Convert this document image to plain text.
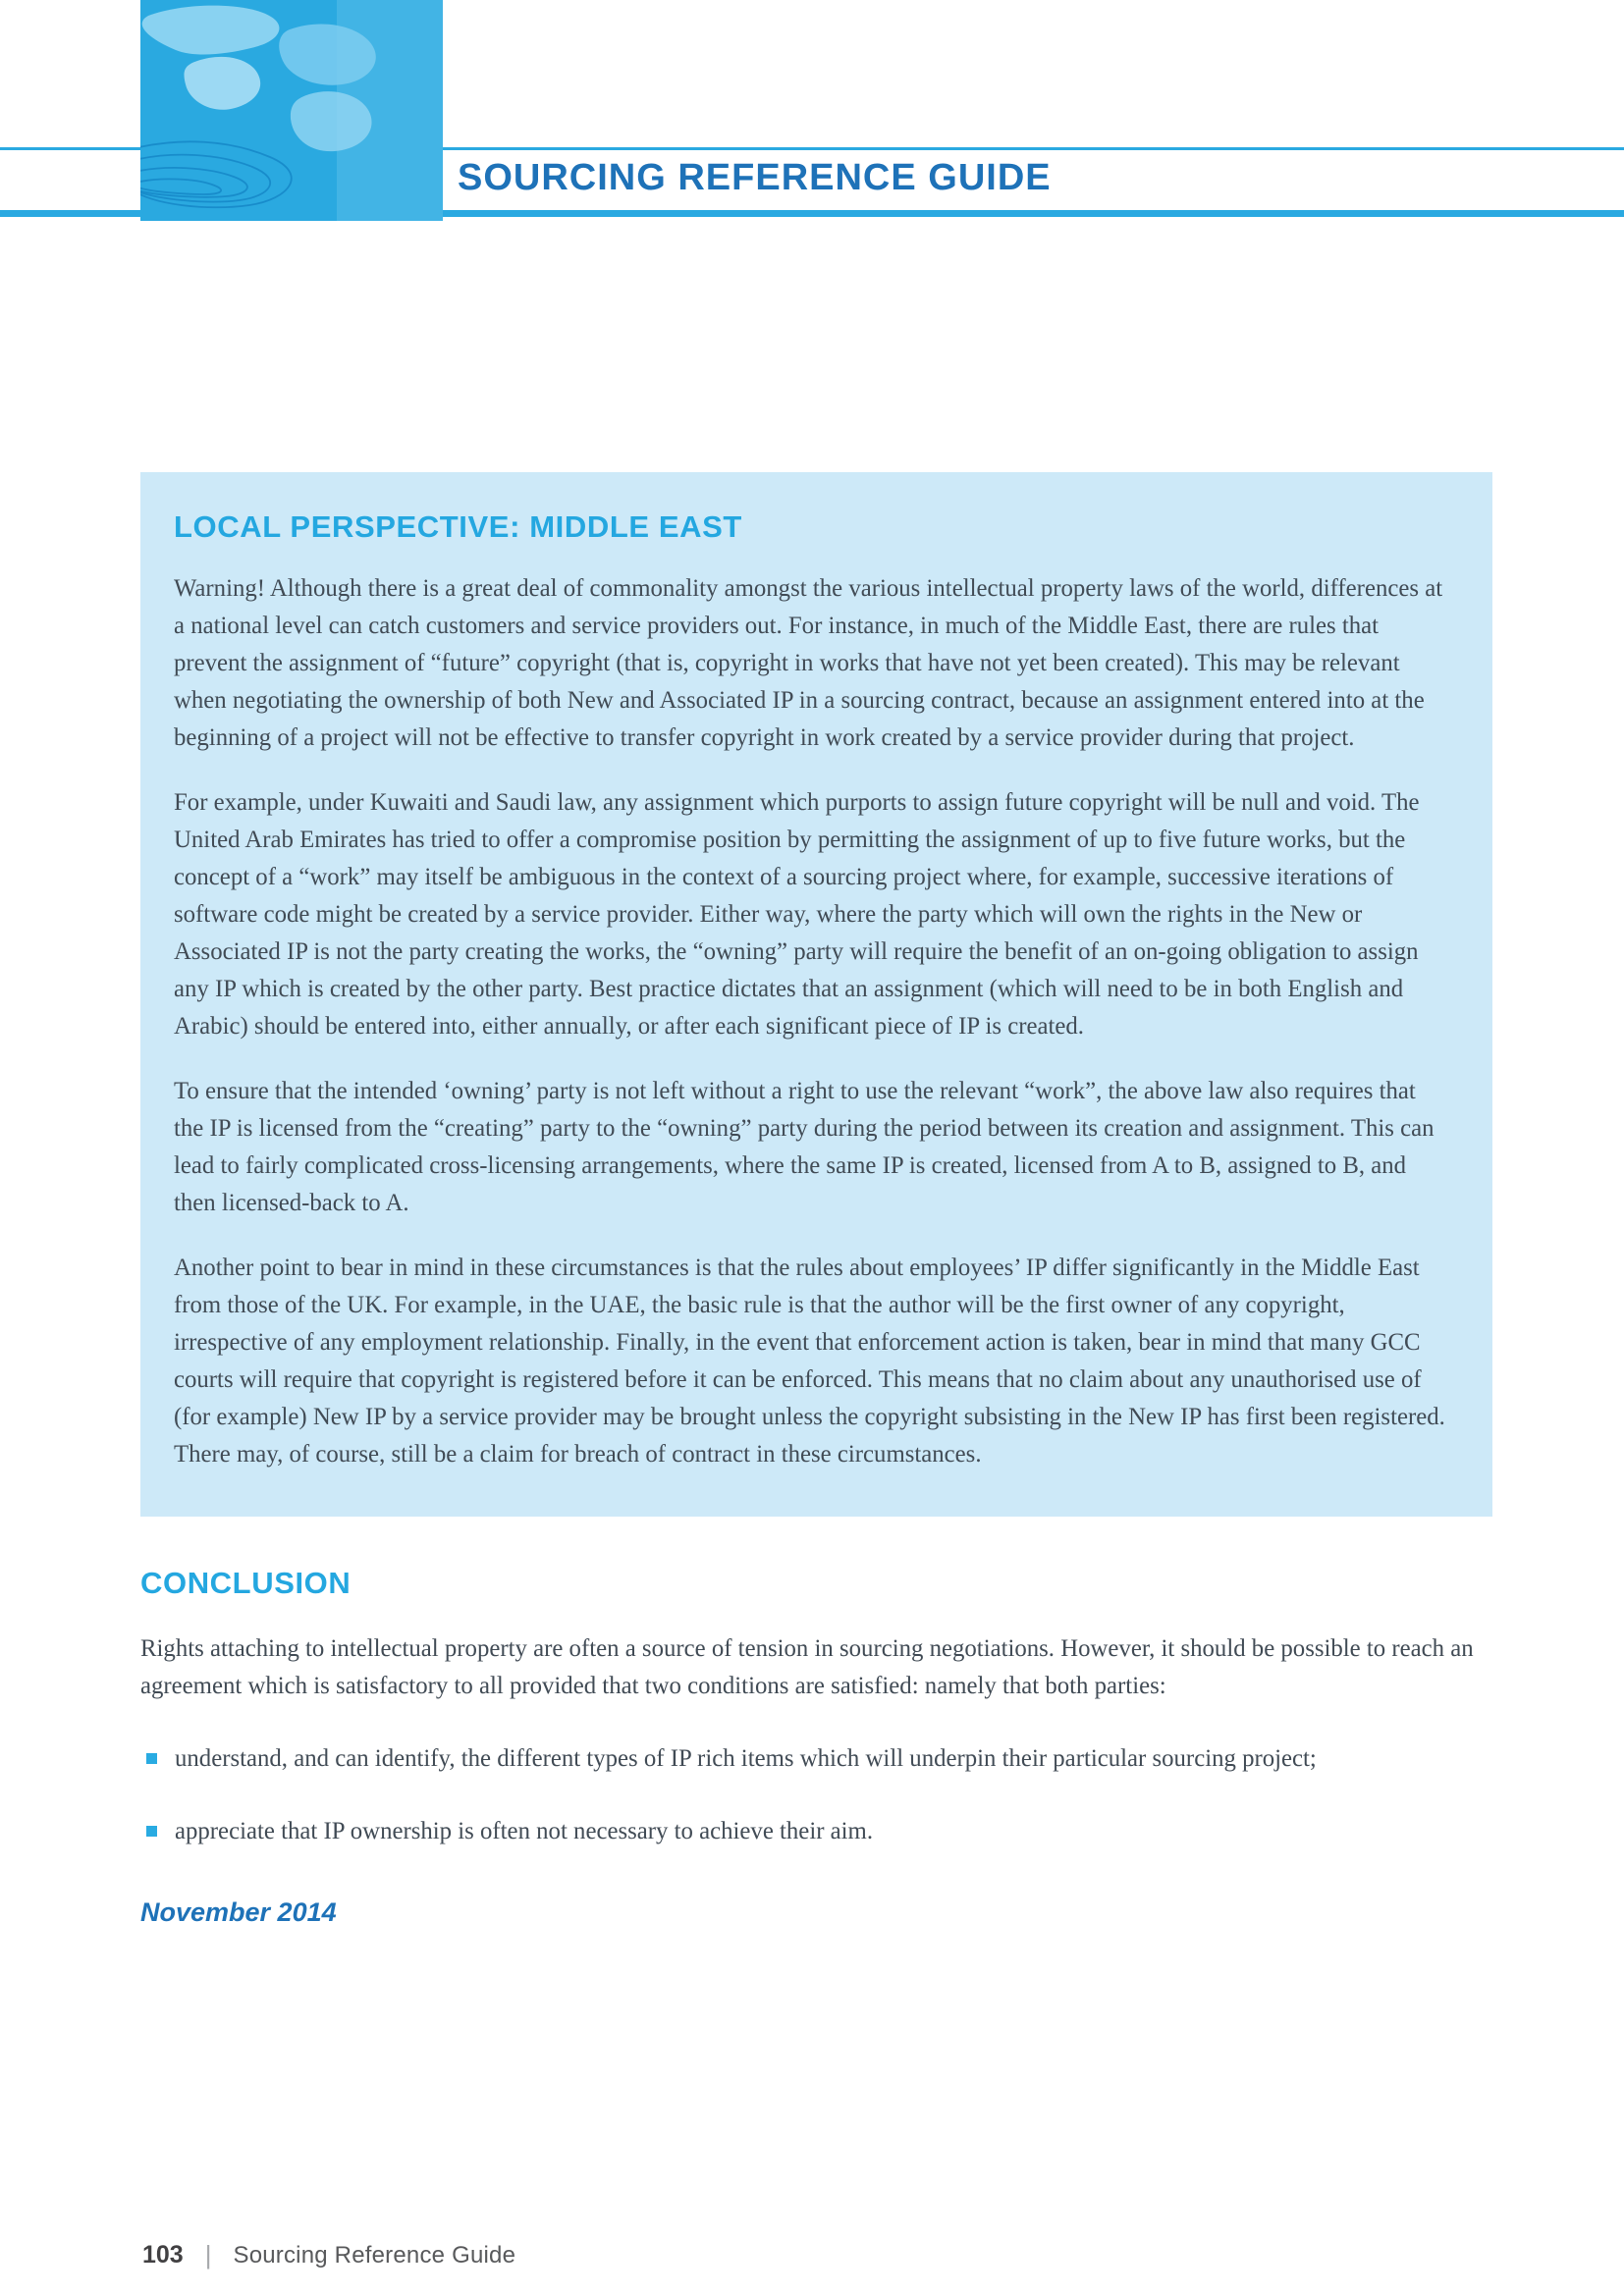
SOURCING REFERENCE GUIDE
LOCAL PERSPECTIVE: MIDDLE EAST

Warning! Although there is a great deal of commonality amongst the various intellectual property laws of the world, differences at a national level can catch customers and service providers out. For instance, in much of the Middle East, there are rules that prevent the assignment of “future” copyright (that is, copyright in works that have not yet been created). This may be relevant when negotiating the ownership of both New and Associated IP in a sourcing contract, because an assignment entered into at the beginning of a project will not be effective to transfer copyright in work created by a service provider during that project.

For example, under Kuwaiti and Saudi law, any assignment which purports to assign future copyright will be null and void. The United Arab Emirates has tried to offer a compromise position by permitting the assignment of up to five future works, but the concept of a “work” may itself be ambiguous in the context of a sourcing project where, for example, successive iterations of software code might be created by a service provider. Either way, where the party which will own the rights in the New or Associated IP is not the party creating the works, the “owning” party will require the benefit of an on-going obligation to assign any IP which is created by the other party. Best practice dictates that an assignment (which will need to be in both English and Arabic) should be entered into, either annually, or after each significant piece of IP is created.

To ensure that the intended ‘owning’ party is not left without a right to use the relevant “work”, the above law also requires that the IP is licensed from the “creating” party to the “owning” party during the period between its creation and assignment. This can lead to fairly complicated cross-licensing arrangements, where the same IP is created, licensed from A to B, assigned to B, and then licensed-back to A.

Another point to bear in mind in these circumstances is that the rules about employees’ IP differ significantly in the Middle East from those of the UK. For example, in the UAE, the basic rule is that the author will be the first owner of any copyright, irrespective of any employment relationship. Finally, in the event that enforcement action is taken, bear in mind that many GCC courts will require that copyright is registered before it can be enforced. This means that no claim about any unauthorised use of (for example) New IP by a service provider may be brought unless the copyright subsisting in the New IP has first been registered. There may, of course, still be a claim for breach of contract in these circumstances.

CONCLUSION

Rights attaching to intellectual property are often a source of tension in sourcing negotiations. However, it should be possible to reach an agreement which is satisfactory to all provided that two conditions are satisfied: namely that both parties:

understand, and can identify, the different types of IP rich items which will underpin their particular sourcing project;
appreciate that IP ownership is often not necessary to achieve their aim.
November 2014
103 | Sourcing Reference Guide
